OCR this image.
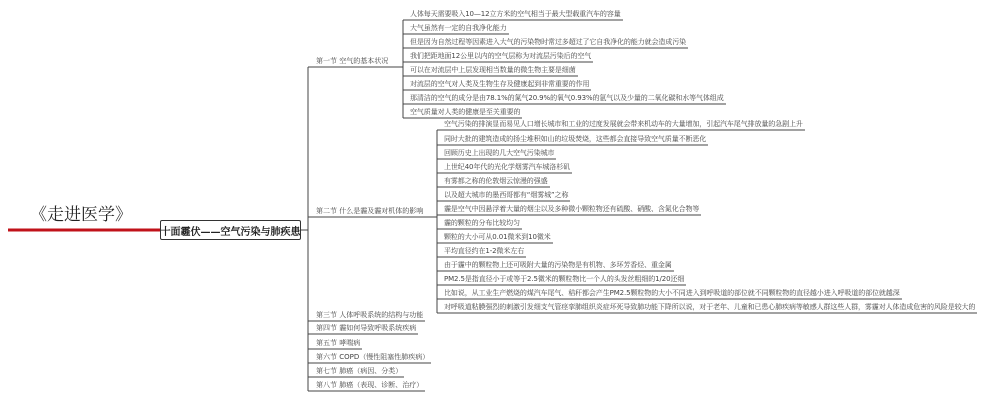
《走进医学》
十面霾伏——空气污染与肺疾患
第一节 空气的基本状况
第二节 什么是霾及霾对机体的影响
第三节 人体呼吸系统的结构与功能
第四节 霾如何导致呼吸系统疾病
第五节 哮喘病
第六节 COPD（慢性阻塞性肺疾病）
第七节 肺癌（病因、分类）
第八节 肺癌（表现、诊断、治疗）
人体每天需要吸入10—12立方米的空气相当于最大型载重汽车的容量
大气虽然有一定的自我净化能力
但是因为自然过程等因素进入大气的污染物时常过多超过了它自我净化的能力就会造成污染
我们把距地面12公里以内的空气层称为对流层污染后的空气
可以在对流层中上层发现相当数量的微生物主要是细菌
对流层的空气对人类及生物生存及健康起到非常重要的作用
那清洁的空气的成分是由78.1%的氮气20.9%的氧气0.93%的氩气以及少量的二氧化碳和水等气体组成
空气质量对人类的健康是至关重要的
空气污染的排演显而易见人口增长城市和工业的过度发展就会带来机动车的大量增加，引起汽车尾气排放量的急剧上升
同时大批的建筑造成的扬尘堆积如山的垃圾焚烧，这些都会直接导致空气质量不断恶化
回顾历史上出现的几大空气污染城市
上世纪40年代的光化学烟雾汽车城洛杉矶
有雾都之称的伦敦烟云惊漫的强盛
以及超大城市的墨西哥都有“烟雾城”之称
霾是空气中因悬浮着大量的烟尘以及多种微小颗粒物还有硫酸、硝酸、含氮化合物等
霾的颗粒的分布比较均匀
颗粒的大小可从0.01微米到10微米
平均直径约在1-2微米左右
由于霾中的颗粒物上还可吸附大量的污染物是有机物、多环芳香烃、重金属
PM2.5是指直径小于或等于2.5微米的颗粒物比一个人的头发丝粗细的1/20还细
比如说，从工业生产燃烧的煤汽车尾气、秸秆都会产生PM2.5颗粒物的大小不同进入到呼吸道的部位就不同颗粒物的直径越小进入呼吸道的部位就越深
对呼吸道粘膜强烈的刺激引发细支气管痉挛肺组织炎症坏死导致肺功能下降所以说，对于老年、儿童和已患心肺疾病等敏感人群这些人群，雾霾对人体造成危害的风险是较大的
